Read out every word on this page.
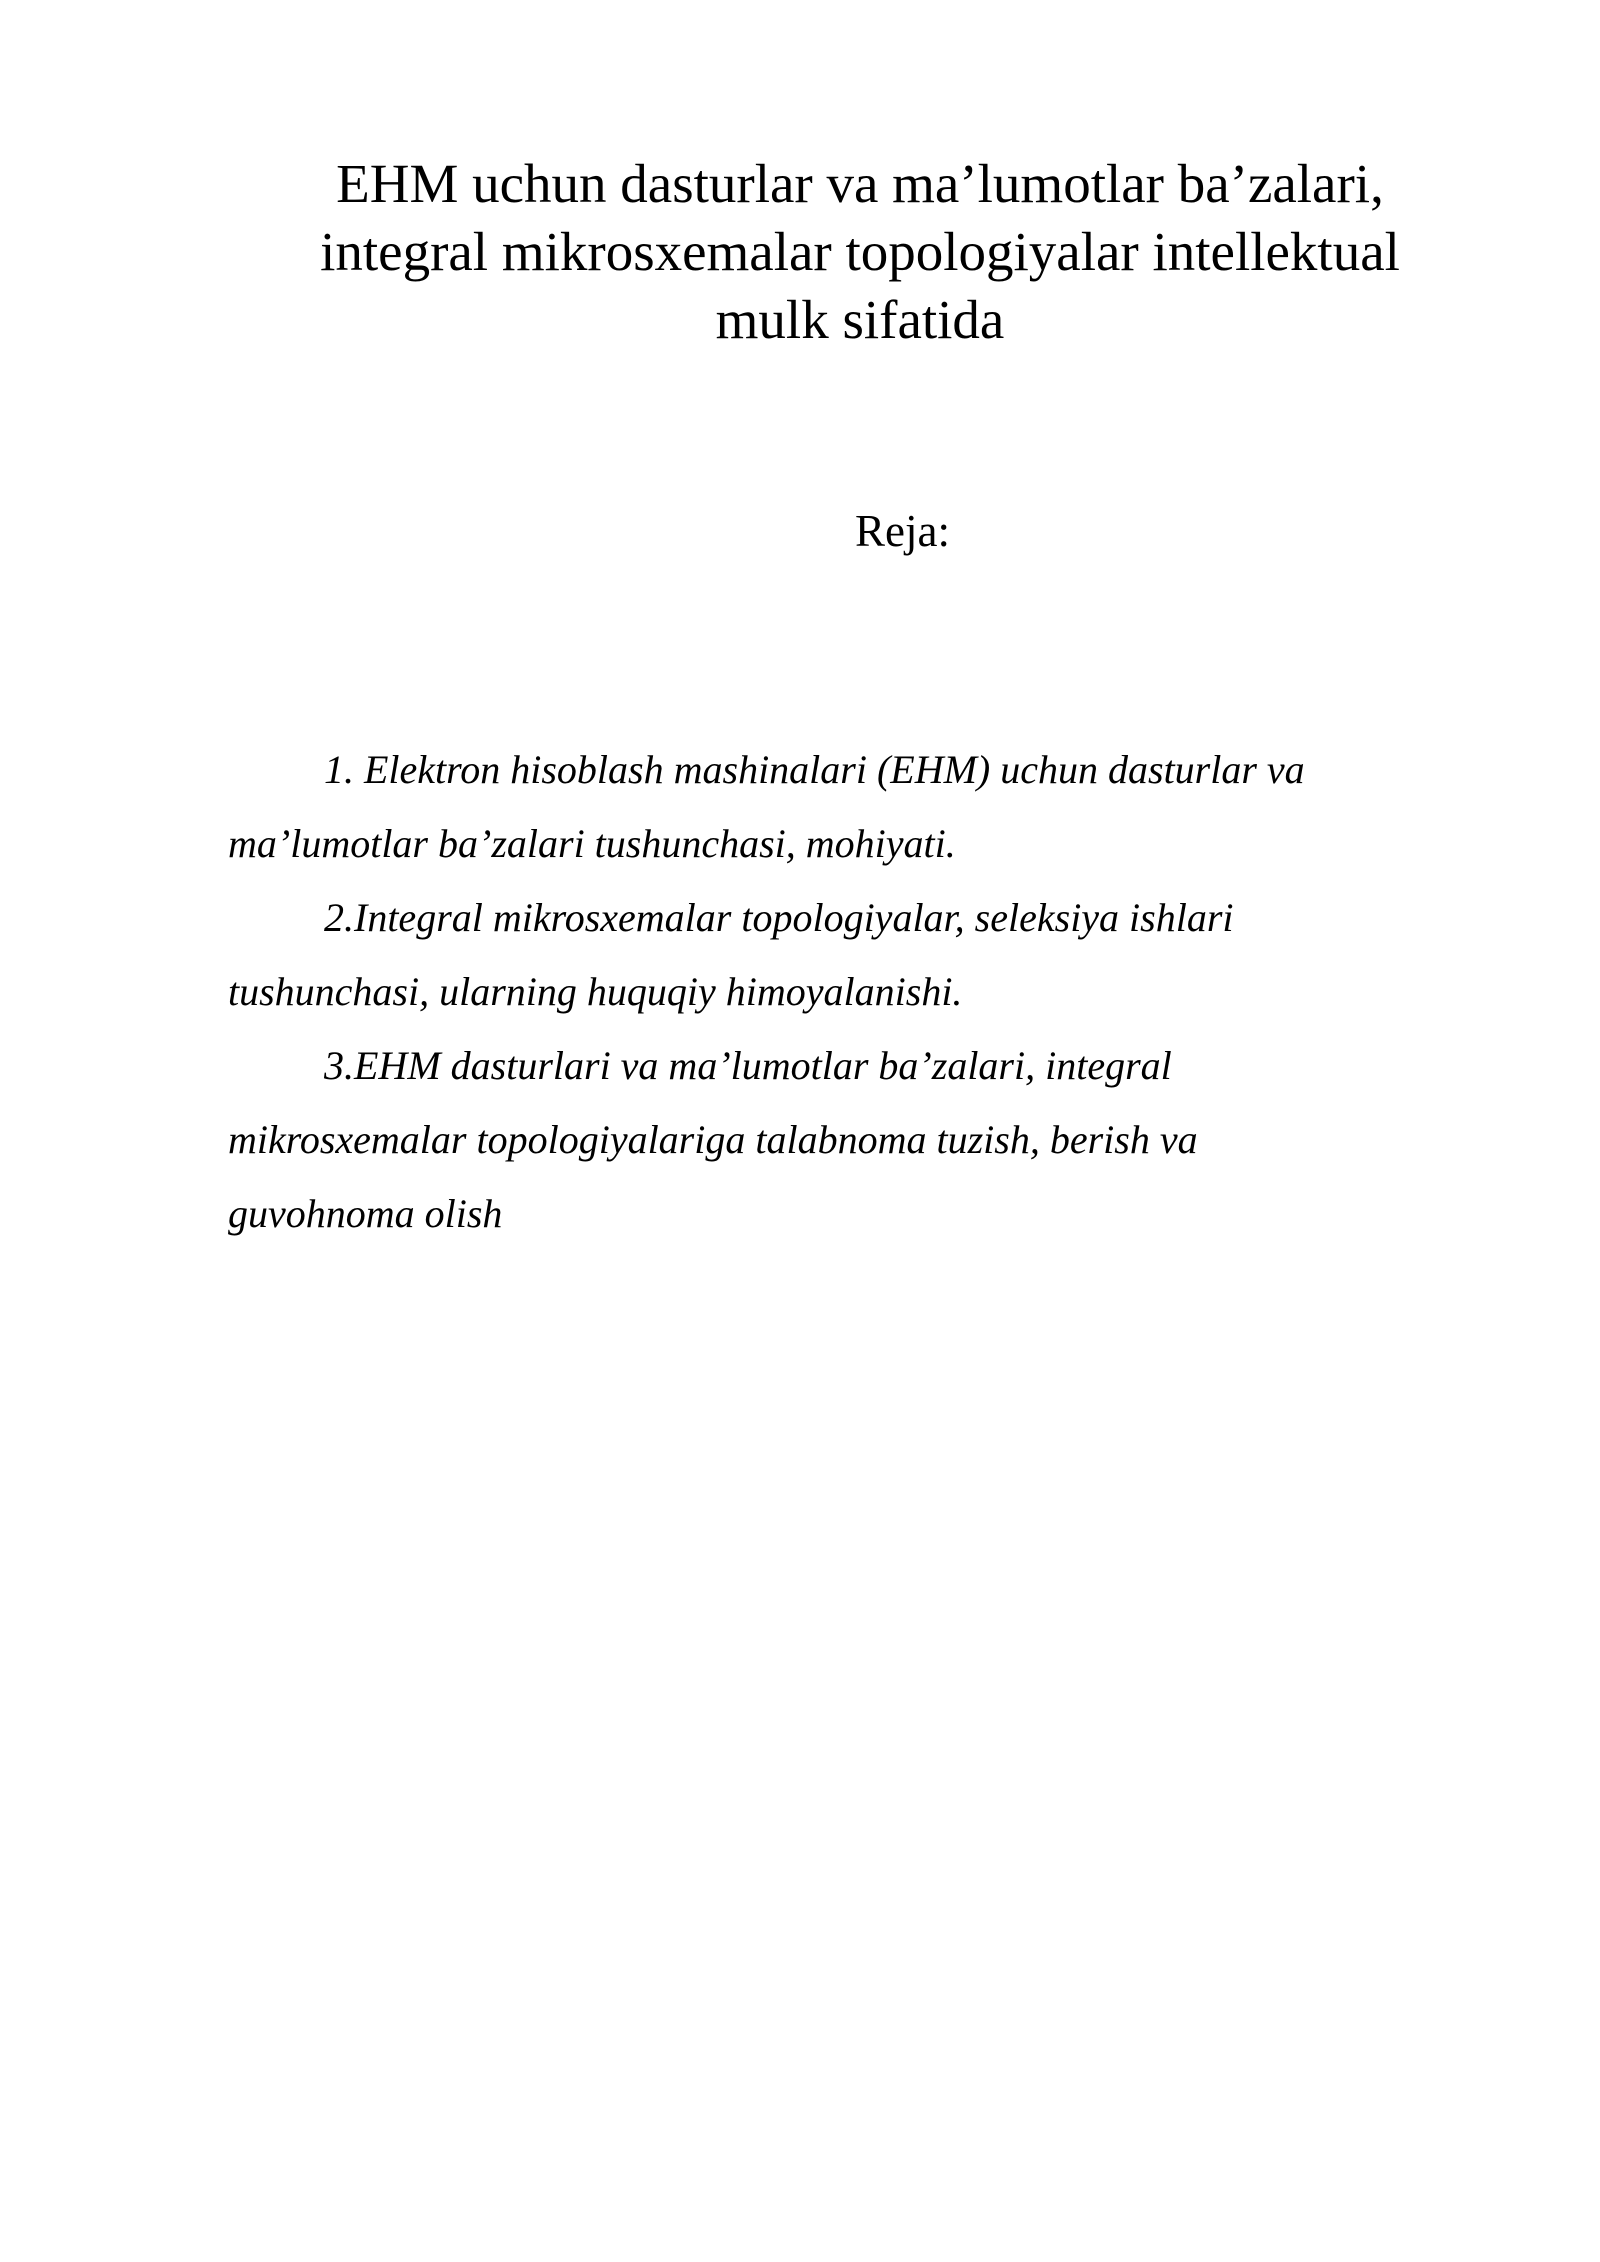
EHM uchun dasturlar va ma’lumotlar ba’zalari,
integral mikrosxemalar topologiyalar intellektual
mulk sifatida
Reja:
1. Elektron hisoblash mashinalari (EHM) uchun dasturlar va
ma’lumotlar ba’zalari tushunchasi, mohiyati.
2.Integral mikrosxemalar topologiyalar, seleksiya ishlari
tushunchasi, ularning huquqiy himoyalanishi.
3.EHM dasturlari va ma’lumotlar ba’zalari, integral
mikrosxemalar topologiyalariga talabnoma tuzish, berish va
guvohnoma olish
